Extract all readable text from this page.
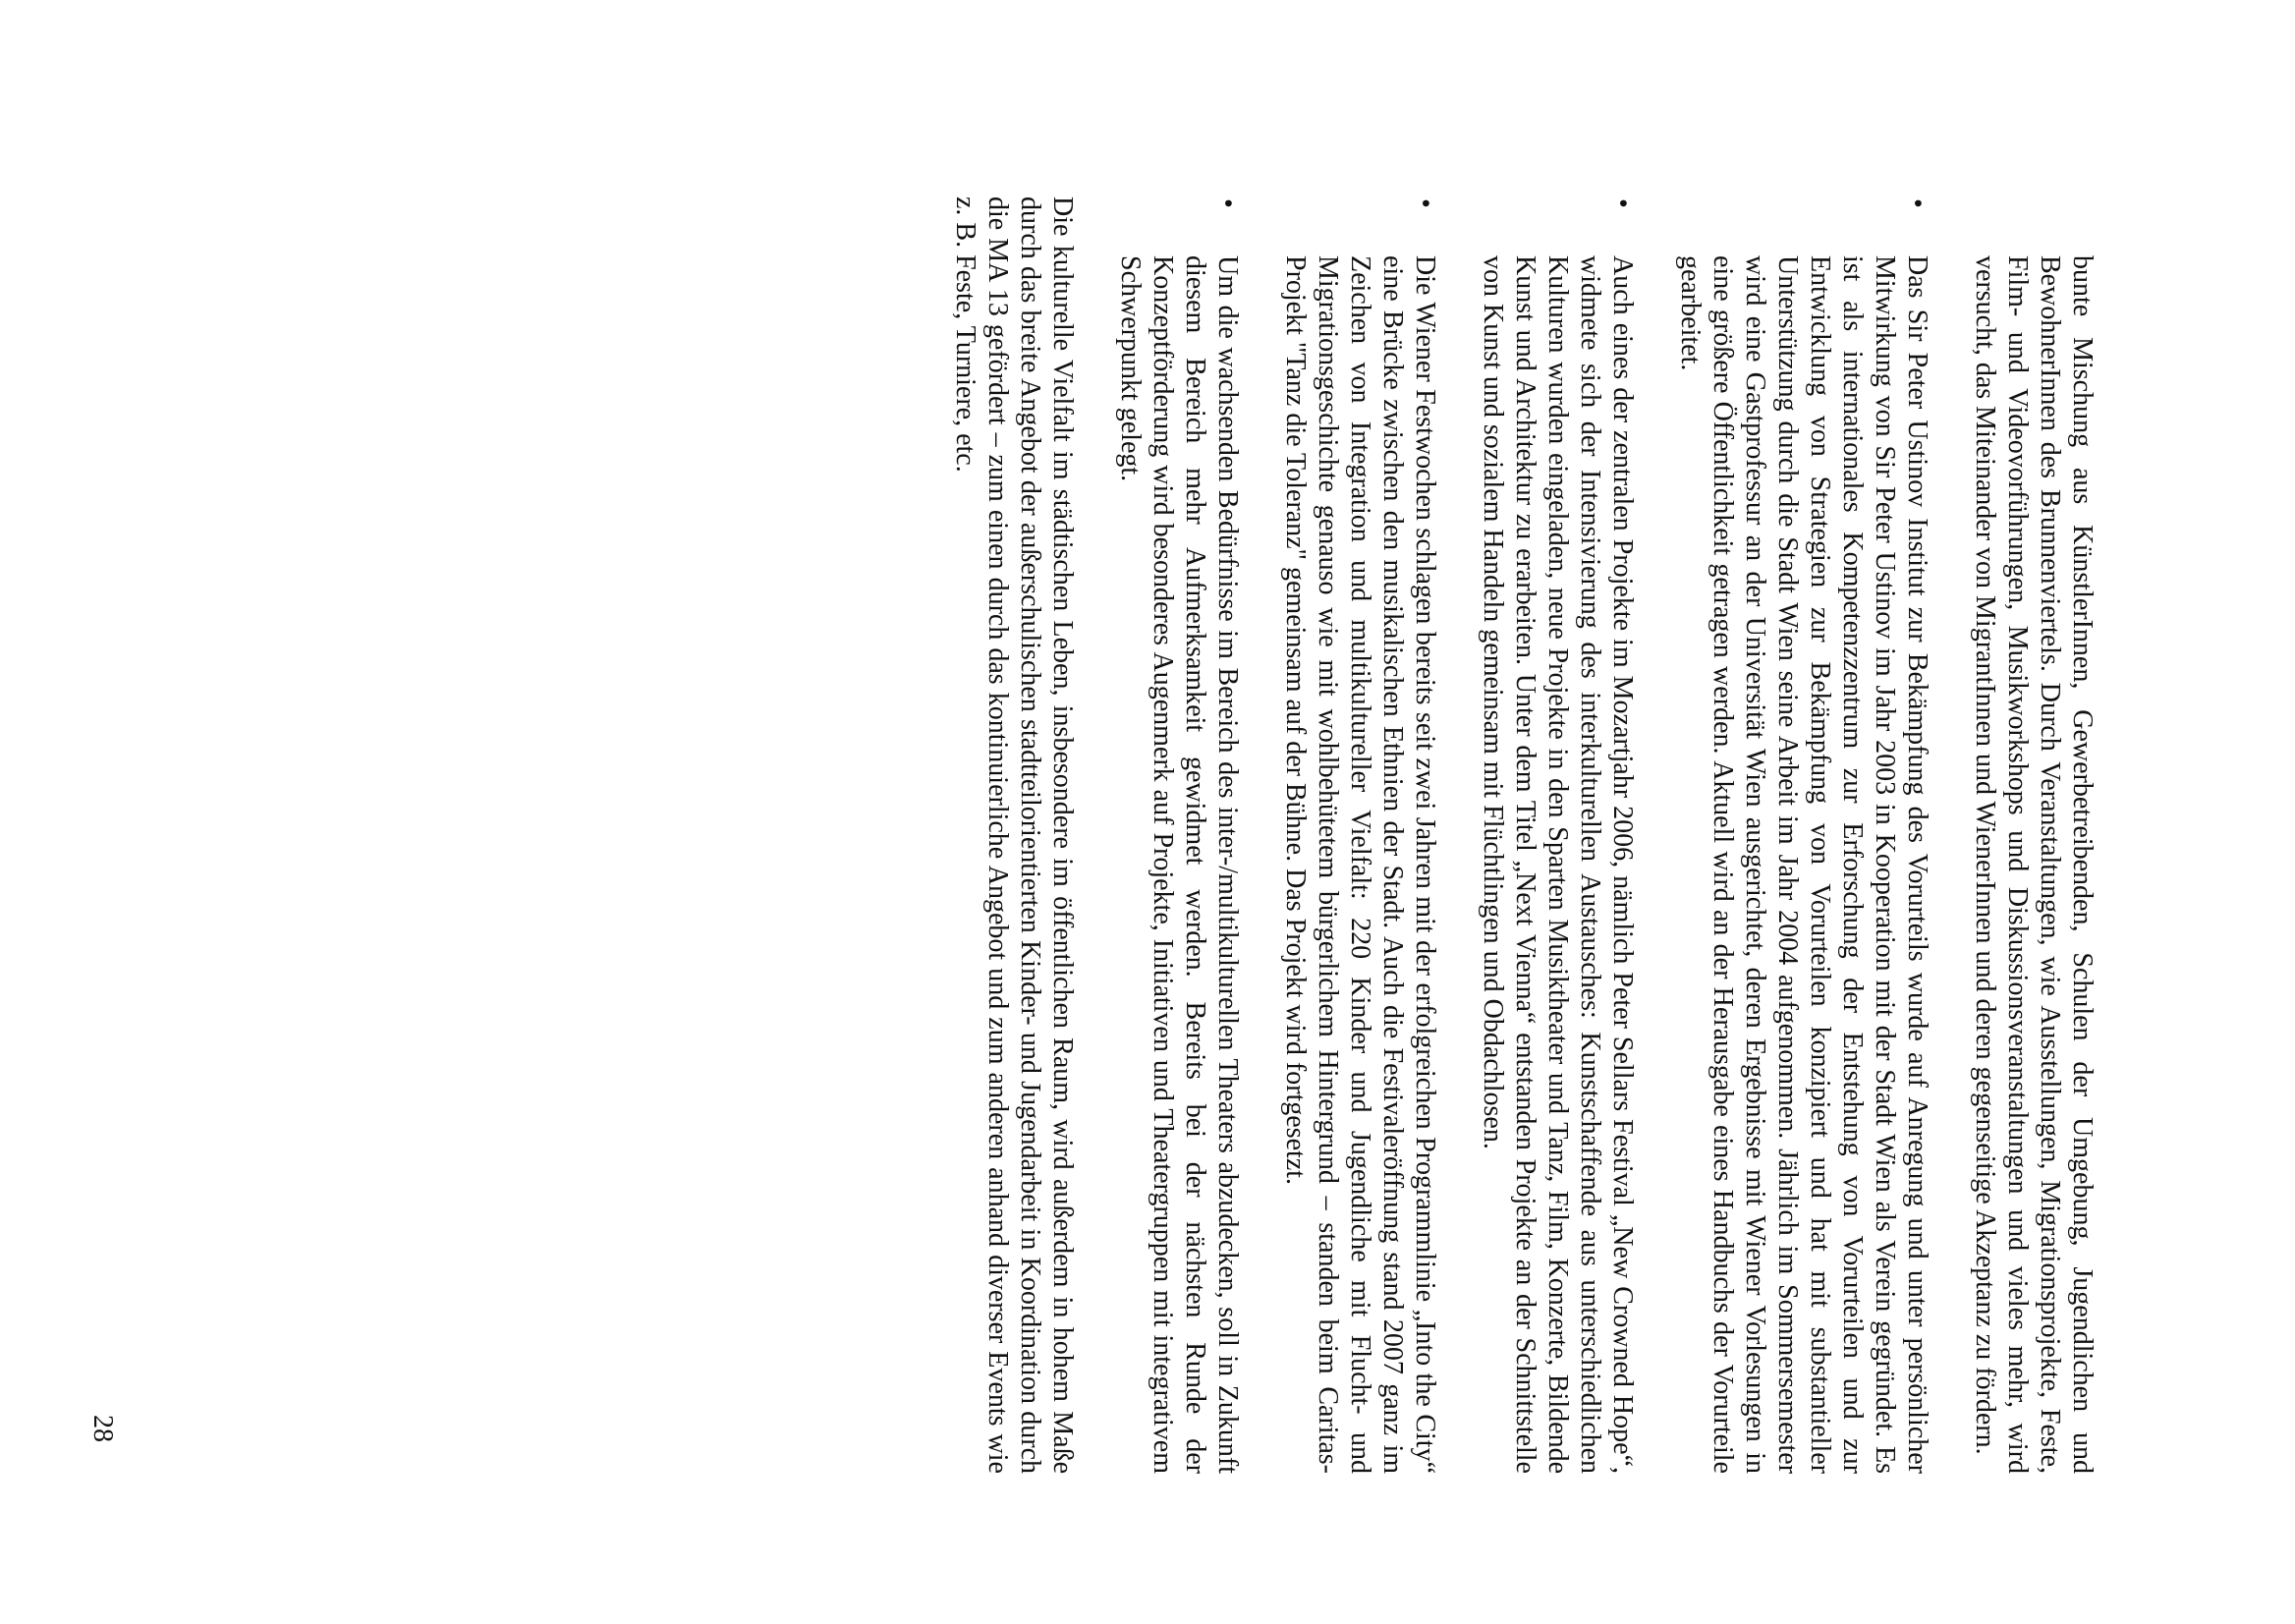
bunte Mischung aus KünstlerInnen, Gewerbetreibenden, Schulen der Umgebung, Jugendlichen und BewohnerInnen des Brunnenviertels. Durch Veranstaltungen, wie Ausstellungen, Migrationsprojekte, Feste, Film- und Videovorführungen, Musikworkshops und Diskussionsveranstaltungen und vieles mehr, wird versucht, das Miteinander von MigrantInnen und WienerInnen und deren gegenseitige Akzeptanz zu fördern.

•
Das Sir Peter Ustinov Institut zur Bekämpfung des Vorurteils wurde auf Anregung und unter persönlicher Mitwirkung von Sir Peter Ustinov im Jahr 2003 in Kooperation mit der Stadt Wien als Verein gegründet. Es ist als internationales Kompetenzzentrum zur Erforschung der Entstehung von Vorurteilen und zur Entwicklung von Strategien zur Bekämpfung von Vorurteilen konzipiert und hat mit substantieller Unterstützung durch die Stadt Wien seine Arbeit im Jahr 2004 aufgenommen. Jährlich im Sommersemester wird eine Gastprofessur an der Universität Wien ausgerichtet, deren Ergebnisse mit Wiener Vorlesungen in eine größere Öffentlichkeit getragen werden. Aktuell wird an der Herausgabe eines Handbuchs der Vorurteile gearbeitet.
•
Auch eines der zentralen Projekte im Mozartjahr 2006, nämlich Peter Sellars Festival „New Crowned Hope“, widmete sich der Intensivierung des interkulturellen Austausches: Kunstschaffende aus unterschiedlichen Kulturen wurden eingeladen, neue Projekte in den Sparten Musiktheater und Tanz, Film, Konzerte, Bildende Kunst und Architektur zu erarbeiten. Unter dem Titel „Next Vienna“ entstanden Projekte an der Schnittstelle von Kunst und sozialem Handeln gemeinsam mit Flüchtlingen und Obdachlosen.
•
Die Wiener Festwochen schlagen bereits seit zwei Jahren mit der erfolgreichen Programmlinie „Into the City“ eine Brücke zwischen den musikalischen Ethnien der Stadt. Auch die Festivaleröffnung stand 2007 ganz im Zeichen von Integration und multikultureller Vielfalt: 220 Kinder und Jugendliche mit Flucht- und Migrationsgeschichte genauso wie mit wohlbehütetem bürgerlichem Hintergrund – standen beim Caritas-Projekt "Tanz die Toleranz" gemeinsam auf der Bühne. Das Projekt wird fortgesetzt.
•
Um die wachsenden Bedürfnisse im Bereich des inter-/multikulturellen Theaters abzudecken, soll in Zukunft diesem Bereich mehr Aufmerksamkeit gewidmet werden. Bereits bei der nächsten Runde der Konzeptförderung wird besonderes Augenmerk auf Projekte, Initiativen und Theatergruppen mit integrativem Schwerpunkt gelegt.

Die kulturelle Vielfalt im städtischen Leben, insbesondere im öffentlichen Raum, wird außerdem in hohem Maße durch das breite Angebot der außerschulischen stadtteilorientierten Kinder- und Jugendarbeit in Koordination durch die MA 13 gefördert – zum einen durch das kontinuierliche Angebot und zum anderen anhand diverser Events wie z. B. Feste, Turniere, etc.

28
